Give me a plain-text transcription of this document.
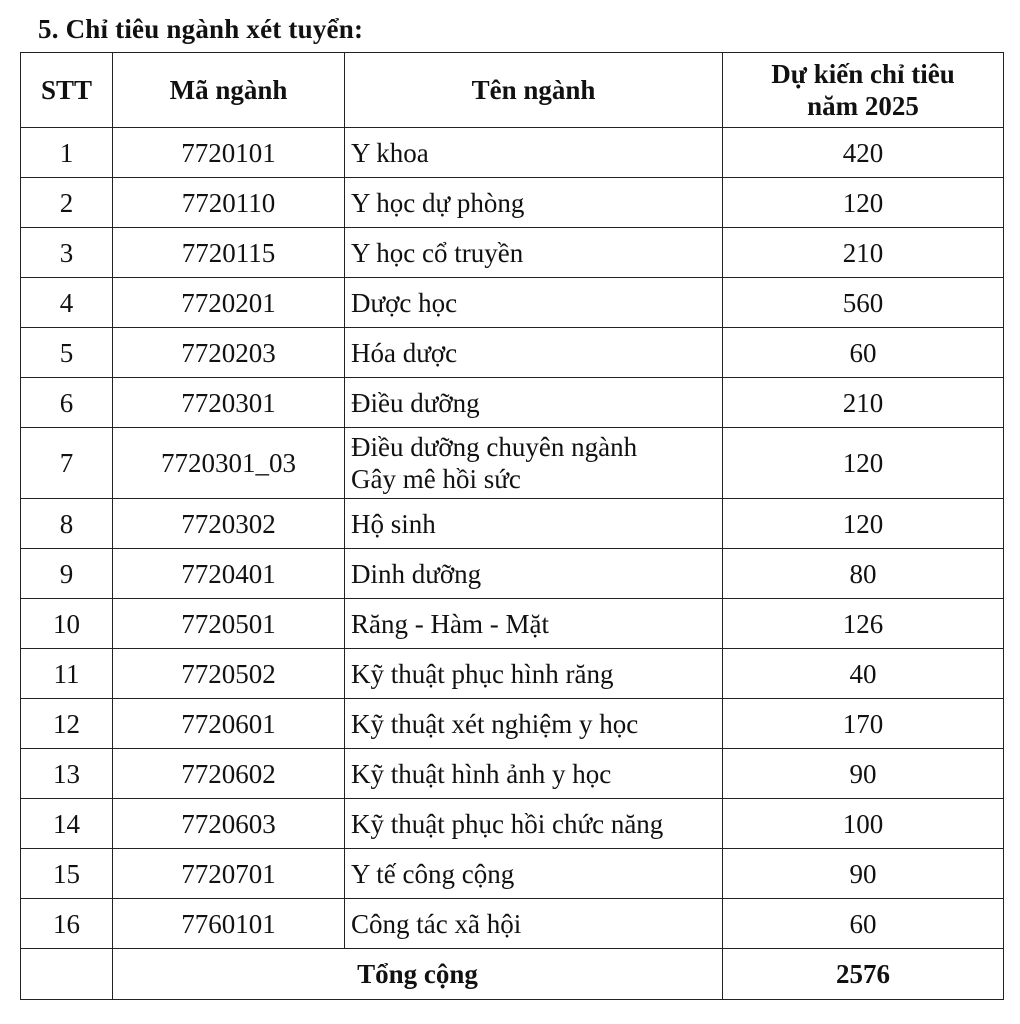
5. Chỉ tiêu ngành xét tuyển:
STT	Mã ngành	Tên ngành	Dự kiến chỉ tiêu
năm 2025

1	7720101	Y khoa	420
2	7720110	Y học dự phòng	120
3	7720115	Y học cổ truyền	210
4	7720201	Dược học	560
5	7720203	Hóa dược	60
6	7720301	Điều dưỡng	210
7	7720301_03	Điều dưỡng chuyên ngành
Gây mê hồi sức	120
8	7720302	Hộ sinh	120
9	7720401	Dinh dưỡng	80
10	7720501	Răng - Hàm - Mặt	126
11	7720502	Kỹ thuật phục hình răng	40
12	7720601	Kỹ thuật xét nghiệm y học	170
13	7720602	Kỹ thuật hình ảnh y học	90
14	7720603	Kỹ thuật phục hồi chức năng	100
15	7720701	Y tế công cộng	90
16	7760101	Công tác xã hội	60
	Tổng cộng		2576
